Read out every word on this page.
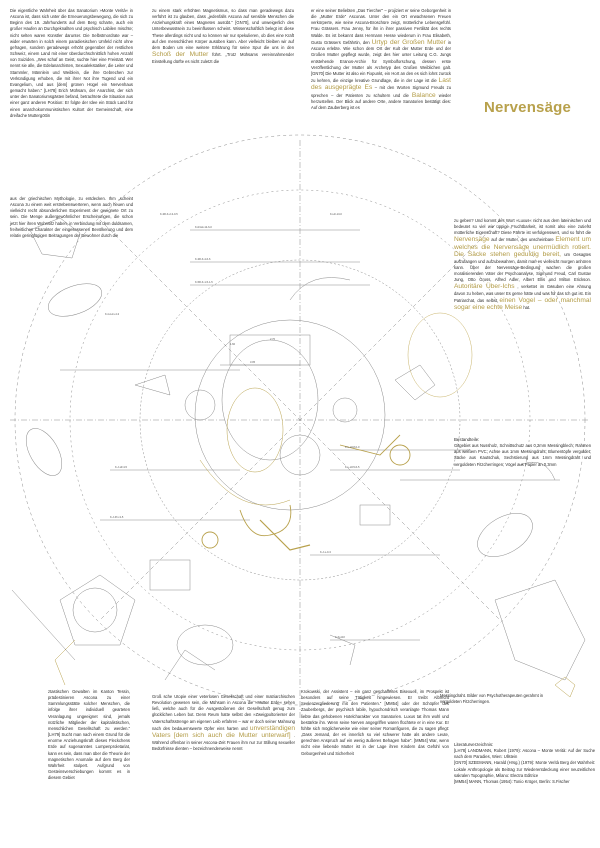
K-R-Hk-12-6-0
K-3R-K-4-6-6
K-5R-K-1-5-1-5
K-3R-K-2-3-0-5
K-G-Hm-4-3
K-L-Hf-8-0-0
K-L-Hf-5-6-5
K-J-L-0-3
K-J-Pm-3-5
K-J-Hf-4-5
K-Hz-13-0
K-Sy-R2
3.05
2.70
1.60
Nervensäge

Die eigentliche Wahrheit über das Sanatorium »Monte Verità« in Ascona ist, dass sich unter die Erneuerungsbewegung, die sich zu Beginn des 19. Jahrhunderts auf dem Berg scharte, auch ein großer Haufen an Durchgeknallten und psychisch Labilen mischte; nicht selten waren Künstler darunter. Die Selbstmordrate war – wider erwarten in solch einem paradiesischen Umfeld nicht ohne gefragen, sondern geradewegs erhöht gegenüber der restlichen Schweiz, einem Land mit einer überdurchschnittlich hohen Anzahl von Suiziden. „Wes schaf an Geist, suchte hier eine Freistatt. Wer nennt sie alle, die Edelanarchisten, Sexualekstatiker, die Leiter und Stammler, Männlein und Weiblein, die ihre Gebrechen zur Verkündigung erhoben, die mit ihrer Not ihre Tugend und ein Evangelium, und aus [dem] grünen Hügel ein Nervenhaus gemacht haben.“ [LH78] Erich Mühsam, der Anarchist, der sich unter den Sanatoriumsgästen befand, betrachtete die Situation aus einer ganz anderen Position: Er folgte der Idee ein Stück Land für einen anarchokommunistischen Kultort der Gemeinschaft, eine dreifache Muttergöttin

aus der griechischen Mythologie, zu entdecken. Ihm „scheint Ascona zu einem weit erstrebenswerteren, wenn auch heuen und vielleicht recht absonderlichen Experiment der geeignete Ort zu sein. Die Menge außergewöhnlicher Erscheinungen, die schon jetzt hier ihren Wohnsitz haben, in Verbindung mit dem duldsamen, freiheitlichen Charakter der eingesessenen Bevölkerung und dem relativ geringfügigen Beitragungen der Bewohner durch die

zu einem stark erhöhten Magnetismus, so dass man geradewegs dazu verführt ist zu glauben, dass „jedenfalls Ascona auf sensible Menschen die Anziehungskraft eines Magnetes ausübt.“ [GN70], und unweigerlich des Unterbewusstsein zu beeinflussen scheint. Wissenschaftlich belegt ist diese These allerdings nicht und so können wir nur spekulieren, ob dies eine Kraft auf den menschlichen Körper ausüben kann. Aber vielleicht bleiben wir auf dem Boden um eine weitere Erklärung für seine Spur die uns in den Schoß der Mutter führt. „Trotz Mühsams vereinnahmender Einstellung dürfte es nicht zuletzt die

er eine seiner Beliebten „Das Tiercher“ – projiziert er seine Geborgenheit in die „Mutter Erde“ Asconas. Unter den ein Ort erwachsenen Freuen verkörperte, wie seine Ascona-Broschüre zeigt, mütterliche Lebensgefühl. Frau Grässers. Frau Jenny, für ihn in ihrer passiven Fertilität des rechts Walde. Es ist bekannt dass Hermann Hesse wiederum in Frau Elisabeth, Gusto Grässers Gefährtin, den Urtyp der Großen Mutter in Ascona erlebte. Wie schon dem Ort der Kult der Mutter Erde und der Großen Mutter gepflegt wurde, zeigt des hier unter Leitung C.G. Jungs entstehende Eranos-Archiv für Symbolforschung, dessen erste Veröffentlichung der Mutter als Archetyp des Großen Weiblichen galt. [GN70] Die Mutter ist also ein Fixpunkt, ein Hort an den es sich lohnt zurück zu kehren, die einzige kreative Grundlage, die in der Lage ist die Last des ausgeprägte Es – mit den Worten Sigmund Freuds zu sprechen – der Patienten zu schultern und die Balance wieder herzustellen. Der Blick auf andere Orte, andere Sanatorien bestätigt dies: Auf dem Zauberberg ist es

zu geben? Und kommt des Wort »Luxus« nicht aus dem lateinischen und bedeutet so viel wie üppige Fruchtbarkeit, ist somit also eine zutiefst mütterliche Eigenschaft? Diese Fährte ist verfolgenswert, und so führt die Nervensäge auf der Mutter, des unscheinbare Element um welches die Nervensäge unermüdlich rotiert. Die Säcke stehen geduldig bereit, um Gesagtes aufzufangen und aufzubewahren, damit man es vielleicht morgen anhören kann. Über der Nervensäge-Bedingung wachen die großen moralisierenden Väter der Psychoanalyse, Sigmund Freud, Carl Gustav Jung, Otto Gross, Alfred Adler, Albert Ellis und Milton Erickson. Autoritäre Über-Ichs , verkettet im Gesuben eine Ahnung davon zu heben, was unser Es gerne hätte und was für das Ich gut ist. Ein Patriarchat, das selbst einen Vogel – oder manchmal sogar eine echte Meise hat.

Bestandteile:

Gitgebiet aus Nussholz, Schnittschutz aus 0,2mm Messingblech; Rahmen aus weißem PVC; Achse aus 1mm Messingdraht; Blumentöpfe vergoldet; Säcke aus Kautschuk, Sechstierung aus 1mm Messingdraht und vergoldeten Fitzcherringen; Vögel aus Papier an 0,3mm

ztastischen Gewalten im Kanton Tessin, prädestinieren Ascona zu einer Sammlungsstätte solcher Menschen, die infolge ihrer individuell gearteten Veranlagung ungeeignet sind, jemals nützliche Mitglieder der kapitalistischen, menschlichen Gesellschaft zu werden.“ [LH79] Sucht man nach einem Grund für die enorme Anziehungskraft dieses Fleckchens Erde auf sogenanntes Lumpenproletariat, kann es sein, dass man über die Theorie der magnetischen Anomalie auf dem Berg der Wahrheit stolpert. Aufgrund von Gesteinsverschiebungen kommt es in diesem Gebiet

Groß sche Utopie einer veterlosen Gesellschaft und einer matriarchischen Revolution gewesen sein, die Mühsam in Ascona die »Mutter Erde« sehen ließ, welche auch für die Ausgestoßenen der Gesellschaft genug zum glücklichen Leben bot. Denn Reum hatte selbst den »Zweigpoltorienter der Vaterschaftsstrenge am eigenen Leib erfahren – war er doch seiner Mahnung nach des bedauernswerte Opfer eins harten und unverständigen Vaters [dem sich auch die Mutter unterwarf] . Während offenbar in seiner Ascona-Zeit Frauen ihm nur zur Stillung sexueller Bedürfnisse dienten – bezeichnenderweise nennt

Krokowski, der Assistent – ein ganz geschaffeites Bisexuell, im Prospekt ist besonders auf seine Tätigkeit hingewiesen. Er treibt Albrecht Seelenzergliederung mit den Patienten.“ [MM54] oder der Schöpfer des Zauberbergs, der psychisch labile, hypochondrisch veranlagte Thomas Mann liebte das gehobenen Hotelcharakter von Sanatorien. Luxus tat ihm wohl und bestärkte ihn. Wenn seine Nerven angegriffen waren flüchtete er in eine Kur. Er fühlte sich möglicherweise wie einer seiner Romanfiguren, die zu sagen pflegt: „Dass Jemand, der es innerlich so viel schwerer hatte als andere Leute, gerechten Anspruch auf ein wenig äußeres Behagen habe“. [MM54] War, wenn nicht eine liebende Mutter ist in der Lage ihren Kindern das Gefühl von Geborgenheit und Sicherheit

Messingdraht. Bilder von Psychotherapeuten gerahmt in vergoldeten Fitzcherringen.

Literaturverzeichnis:

[LH78] LANDMANN, Robert (1979): Ascona – Monte Verità: Auf der Suche nach dem Paradies, Wien: Ullstein
[GN70] SZEEMANN, Harald (Hrsg.) (1979): Monte Verità Berg der Wahrheit: Lokale Anthropologie als Beitrag zur Wiederentdeckung einer neuzeitlichen sakralen Topographie, Milano: Electra Editrice
[MM54] MANN, Thomas (1954): Tonio Kröger, Berlin: S.Fischer
